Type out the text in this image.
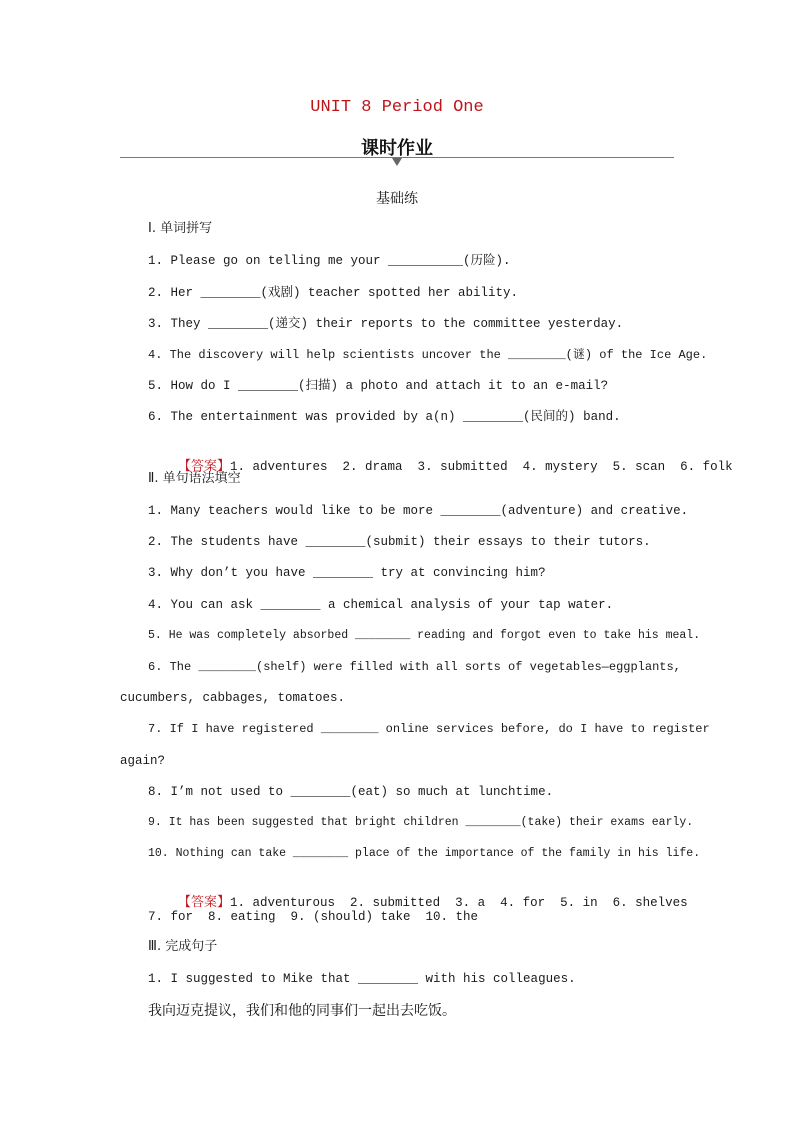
UNIT 8 Period One
课时作业
基础练
Ⅰ. 单词拼写
1. Please go on telling me your __________(历险).
2. Her ________(戏剧) teacher spotted her ability.
3. They ________(递交) their reports to the committee yesterday.
4. The discovery will help scientists uncover the ________(谜) of the Ice Age.
5. How do I ________(扫描) a photo and attach it to an e-mail?
6. The entertainment was provided by a(n) ________(民间的) band.

【答案】1. adventures  2. drama  3. submitted  4. mystery  5. scan  6. folk

Ⅱ. 单句语法填空
1. Many teachers would like to be more ________(adventure) and creative.
2. The students have ________(submit) their essays to their tutors.
3. Why don’t you have ________ try at convincing him?
4. You can ask ________ a chemical analysis of your tap water.
5. He was completely absorbed ________ reading and forgot even to take his meal.
6. The ________(shelf) were filled with all sorts of vegetables—eggplants,
cucumbers, cabbages, tomatoes.
7. If I have registered ________ online services before, do I have to register
again?
8. I’m not used to ________(eat) so much at lunchtime.
9. It has been suggested that bright children ________(take) their exams early.
10. Nothing can take ________ place of the importance of the family in his life.

【答案】1. adventurous  2. submitted  3. a  4. for  5. in  6. shelves

7. for  8. eating  9. (should) take  10. the
Ⅲ. 完成句子
1. I suggested to Mike that ________ with his colleagues.
我向迈克提议，我们和他的同事们一起出去吃饭。
